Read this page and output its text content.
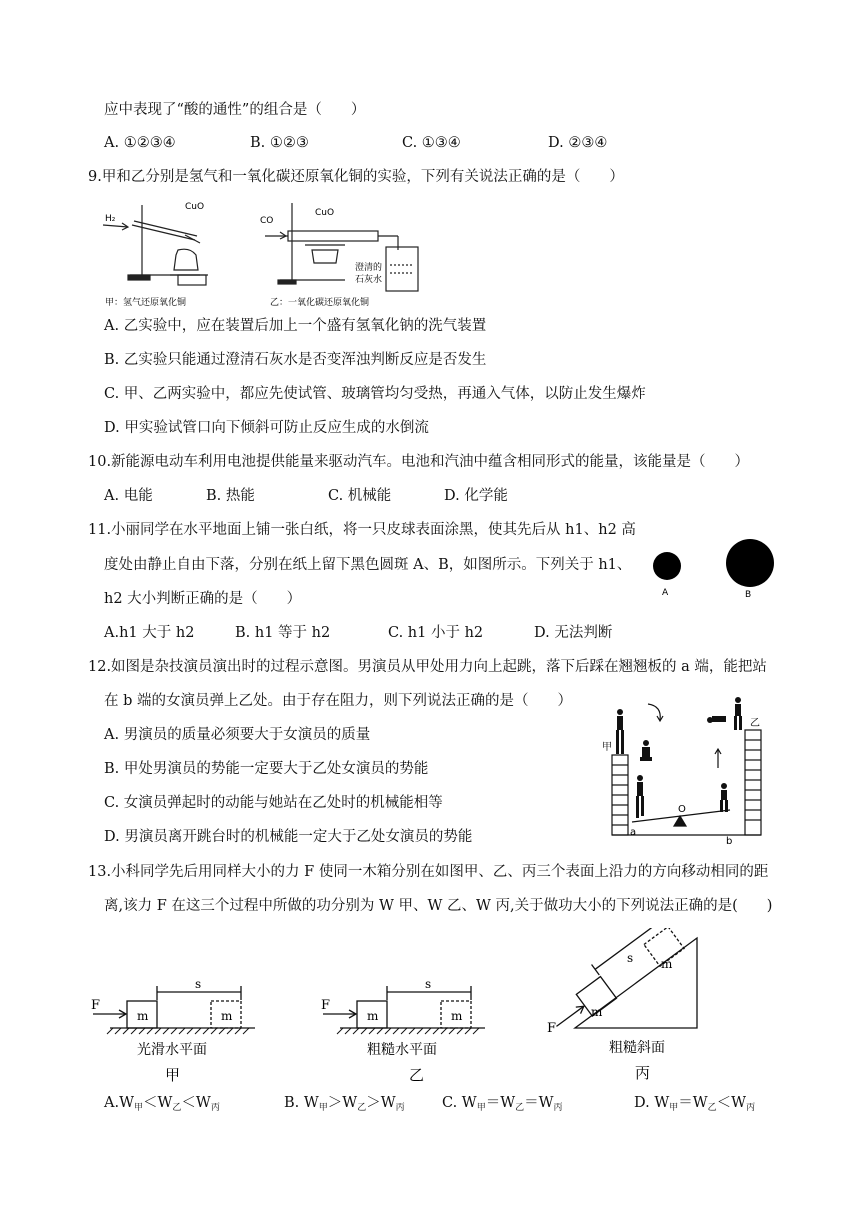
应中表现了“酸的通性”的组合是（　　）
A. ①②③④	B. ①②③	C. ①③④	D. ②③④
9.甲和乙分别是氢气和一氧化碳还原氧化铜的实验，下列有关说法正确的是（　　）
H₂
CuO
甲：氢气还原氧化铜
CO
CuO
澄清的
石灰水
乙：一氧化碳还原氧化铜
A. 乙实验中，应在装置后加上一个盛有氢氧化钠的洗气装置
B. 乙实验只能通过澄清石灰水是否变浑浊判断反应是否发生
C. 甲、乙两实验中，都应先使试管、玻璃管均匀受热，再通入气体，以防止发生爆炸
D. 甲实验试管口向下倾斜可防止反应生成的水倒流
10.新能源电动车利用电池提供能量来驱动汽车。电池和汽油中蕴含相同形式的能量，该能量是（　　）
A. 电能	B. 热能	C. 机械能	D. 化学能
11.小丽同学在水平地面上铺一张白纸，将一只皮球表面涂黑，使其先后从 h1、h2 高
度处由静止自由下落，分别在纸上留下黑色圆斑 A、B，如图所示。下列关于 h1、
h2 大小判断正确的是（　　）	A	B
A.h1 大于 h2	B. h1 等于 h2	C. h1 小于 h2	D. 无法判断
12.如图是杂技演员演出时的过程示意图。男演员从甲处用力向上起跳，落下后踩在翘翘板的 a 端，能把站
在 b 端的女演员弹上乙处。由于存在阻力，则下列说法正确的是（　　）
甲
乙
a
O
b
A. 男演员的质量必须要大于女演员的质量
B. 甲处男演员的势能一定要大于乙处女演员的势能
C. 女演员弹起时的动能与她站在乙处时的机械能相等
D. 男演员离开跳台时的机械能一定大于乙处女演员的势能
13.小科同学先后用同样大小的力 F 使同一木箱分别在如图甲、乙、丙三个表面上沿力的方向移动相同的距
离,该力 F 在这三个过程中所做的功分别为 W 甲、W 乙、W 丙,关于做功大小的下列说法正确的是(　　)
F
m	m
s
F
m	m
s
F
m
m
s
光滑水平面	粗糙水平面	粗糙斜面
甲	乙	丙
$A.W_甲<W_乙<W_丙$	B. $W_甲>W_乙>W_丙$	C. $W_甲=W_乙=W_丙$	D. $W_甲=W_乙<W_丙$
